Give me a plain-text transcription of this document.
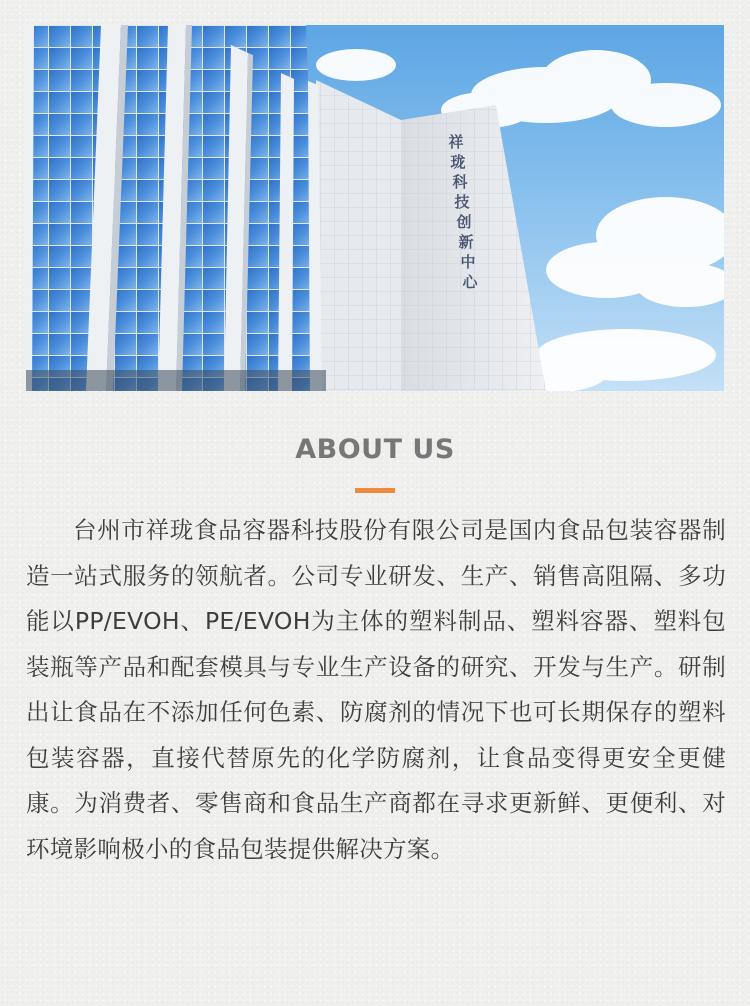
祥
珑
科
技
创
新
中
心
ABOUT US

台州市祥珑食品容器科技股份有限公司是国内食品包装容器制造一站式服务的领航者。公司专业研发、生产、销售高阻隔、多功能以PP/EVOH、PE/EVOH为主体的塑料制品、塑料容器、塑料包装瓶等产品和配套模具与专业生产设备的研究、开发与生产。研制出让食品在不添加任何色素、防腐剂的情况下也可长期保存的塑料包装容器，直接代替原先的化学防腐剂，让食品变得更安全更健康。为消费者、零售商和食品生产商都在寻求更新鲜、更便利、对环境影响极小的食品包装提供解决方案。
